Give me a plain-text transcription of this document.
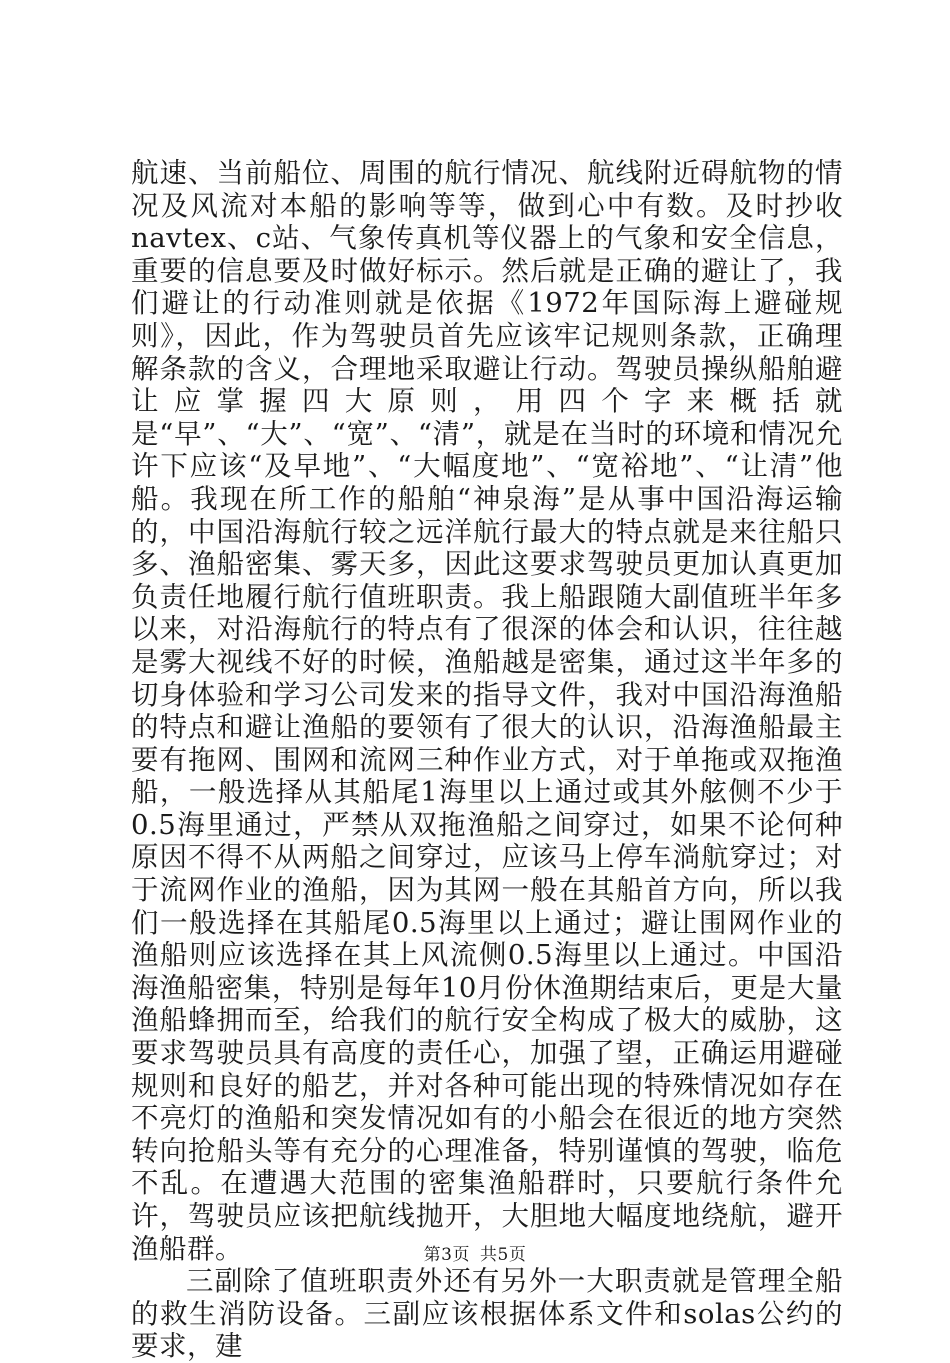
航速、当前船位、周围的航行情况、航线附近碍航物的情况及风流对本船的影响等等，做到心中有数。及时抄收navtex、c站、气象传真机等仪器上的气象和安全信息，重要的信息要及时做好标示。然后就是正确的避让了，我们避让的行动准则就是依据《1972年国际海上避碰规则》，因此，作为驾驶员首先应该牢记规则条款，正确理解条款的含义，合理地采取避让行动。驾驶员操纵船舶避让应掌握四大原则，用四个字来概括就是“早”、“大”、“宽”、“清”，就是在当时的环境和情况允许下应该“及早地”、“大幅度地”、“宽裕地”、“让清”他船。我现在所工作的船舶“神泉海”是从事中国沿海运输的，中国沿海航行较之远洋航行最大的特点就是来往船只多、渔船密集、雾天多，因此这要求驾驶员更加认真更加负责任地履行航行值班职责。我上船跟随大副值班半年多以来，对沿海航行的特点有了很深的体会和认识，往往越是雾大视线不好的时候，渔船越是密集，通过这半年多的切身体验和学习公司发来的指导文件，我对中国沿海渔船的特点和避让渔船的要领有了很大的认识，沿海渔船最主要有拖网、围网和流网三种作业方式，对于单拖或双拖渔船，一般选择从其船尾1海里以上通过或其外舷侧不少于0.5海里通过，严禁从双拖渔船之间穿过，如果不论何种原因不得不从两船之间穿过，应该马上停车淌航穿过；对于流网作业的渔船，因为其网一般在其船首方向，所以我们一般选择在其船尾0.5海里以上通过；避让围网作业的渔船则应该选择在其上风流侧0.5海里以上通过。中国沿海渔船密集，特别是每年10月份休渔期结束后，更是大量渔船蜂拥而至，给我们的航行安全构成了极大的威胁，这要求驾驶员具有高度的责任心，加强了望，正确运用避碰规则和良好的船艺，并对各种可能出现的特殊情况如存在不亮灯的渔船和突发情况如有的小船会在很近的地方突然转向抢船头等有充分的心理准备，特别谨慎的驾驶，临危不乱。在遭遇大范围的密集渔船群时，只要航行条件允许，驾驶员应该把航线抛开，大胆地大幅度地绕航，避开渔船群。

三副除了值班职责外还有另外一大职责就是管理全船的救生消防设备。三副应该根据体系文件和solas公约的要求，建

第3页 共5页
